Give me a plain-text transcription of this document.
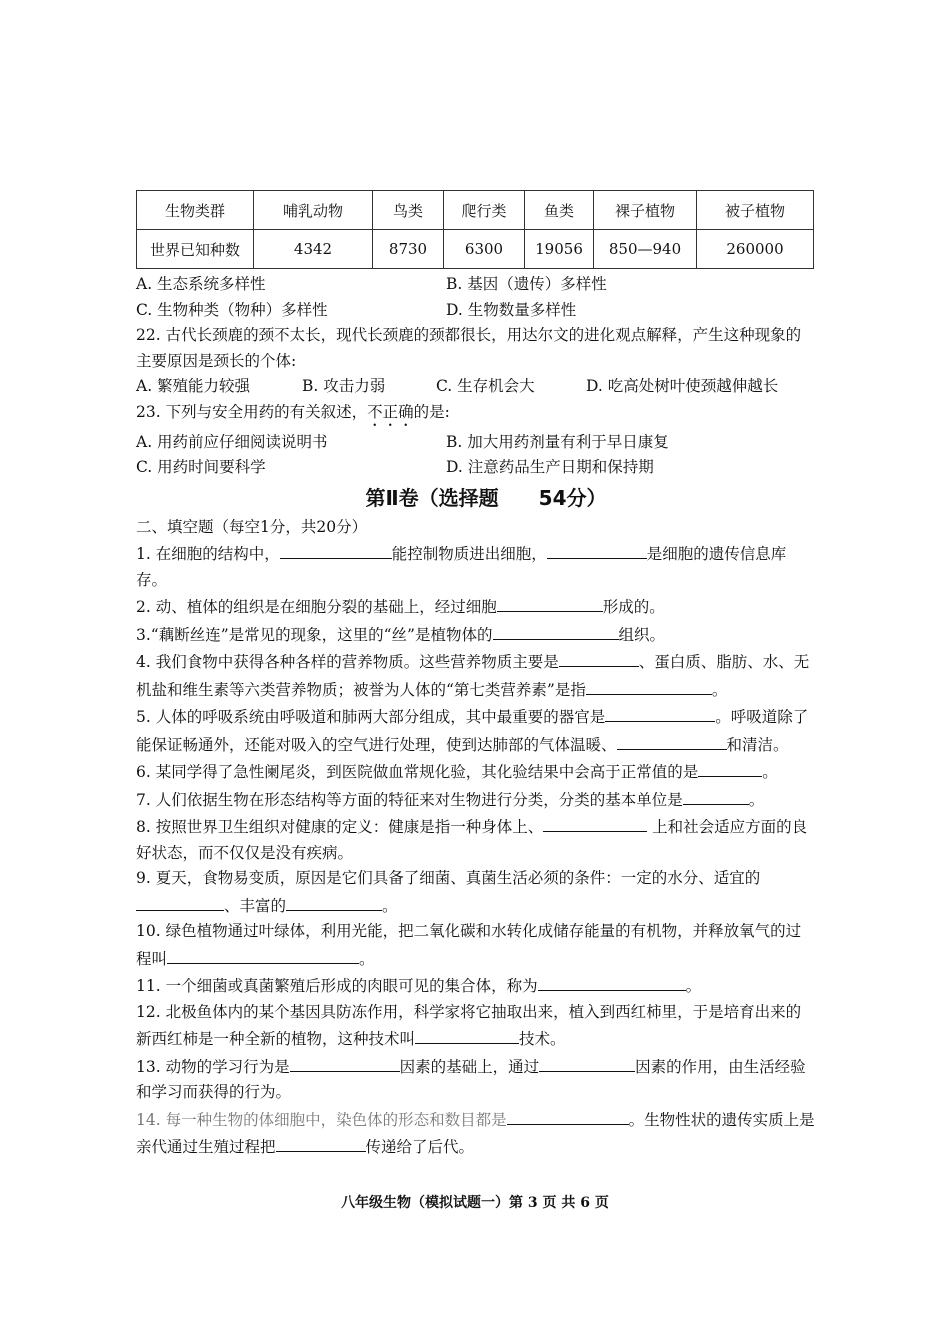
生物类群	哺乳动物	鸟类	爬行类	鱼类	裸子植物	被子植物
世界已知种数	4342	8730	6300	19056	850—940	260000
A. 生态系统多样性	B. 基因（遗传）多样性
C. 生物种类（物种）多样性	D. 生物数量多样性
22. 古代长颈鹿的颈不太长，现代长颈鹿的颈都很长，用达尔文的进化观点解释，产生这种现象的主要原因是颈长的个体:
A. 繁殖能力较强	B. 攻击力弱	C. 生存机会大	D. 吃高处树叶使颈越伸越长
23. 下列与安全用药的有关叙述，不正确的是:
A. 用药前应仔细阅读说明书	B. 加大用药剂量有利于早日康复
C. 用药时间要科学	D. 注意药品生产日期和保持期
第Ⅱ卷（选择题　　54分）
二、填空题（每空1分，共20分）
1. 在细胞的结构中，	能控制物质进出细胞，	是细胞的遗传信息库存。
2. 动、植体的组织是在细胞分裂的基础上，经过细胞	形成的。
3.“藕断丝连”是常见的现象，这里的“丝”是植物体的	组织。
4. 我们食物中获得各种各样的营养物质。这些营养物质主要是	、蛋白质、脂肪、水、无机盐和维生素等六类营养物质；被誉为人体的“第七类营养素”是指	。
5. 人体的呼吸系统由呼吸道和肺两大部分组成，其中最重要的器官是	。呼吸道除了能保证畅通外，还能对吸入的空气进行处理，使到达肺部的气体温暖、	和清洁。
6. 某同学得了急性阑尾炎，到医院做血常规化验，其化验结果中会高于正常值的是	。
7. 人们依据生物在形态结构等方面的特征来对生物进行分类，分类的基本单位是	。
8. 按照世界卫生组织对健康的定义：健康是指一种身体上、	上和社会适应方面的良好状态，而不仅仅是没有疾病。
9. 夏天，食物易变质，原因是它们具备了细菌、真菌生活必须的条件：一定的水分、适宜的、丰富的	。
10. 绿色植物通过叶绿体，利用光能，把二氧化碳和水转化成储存能量的有机物，并释放氧气的过程叫	。
11. 一个细菌或真菌繁殖后形成的肉眼可见的集合体，称为	。
12. 北极鱼体内的某个基因具防冻作用，科学家将它抽取出来，植入到西红柿里，于是培育出来的新西红柿是一种全新的植物，这种技术叫	技术。
13. 动物的学习行为是	因素的基础上，通过	因素的作用，由生活经验和学习而获得的行为。
14. 每一种生物的体细胞中，染色体的形态和数目都是	。生物性状的遗传实质上是亲代通过生殖过程把	传递给了后代。
八年级生物（模拟试题一）第 3 页 共 6 页
